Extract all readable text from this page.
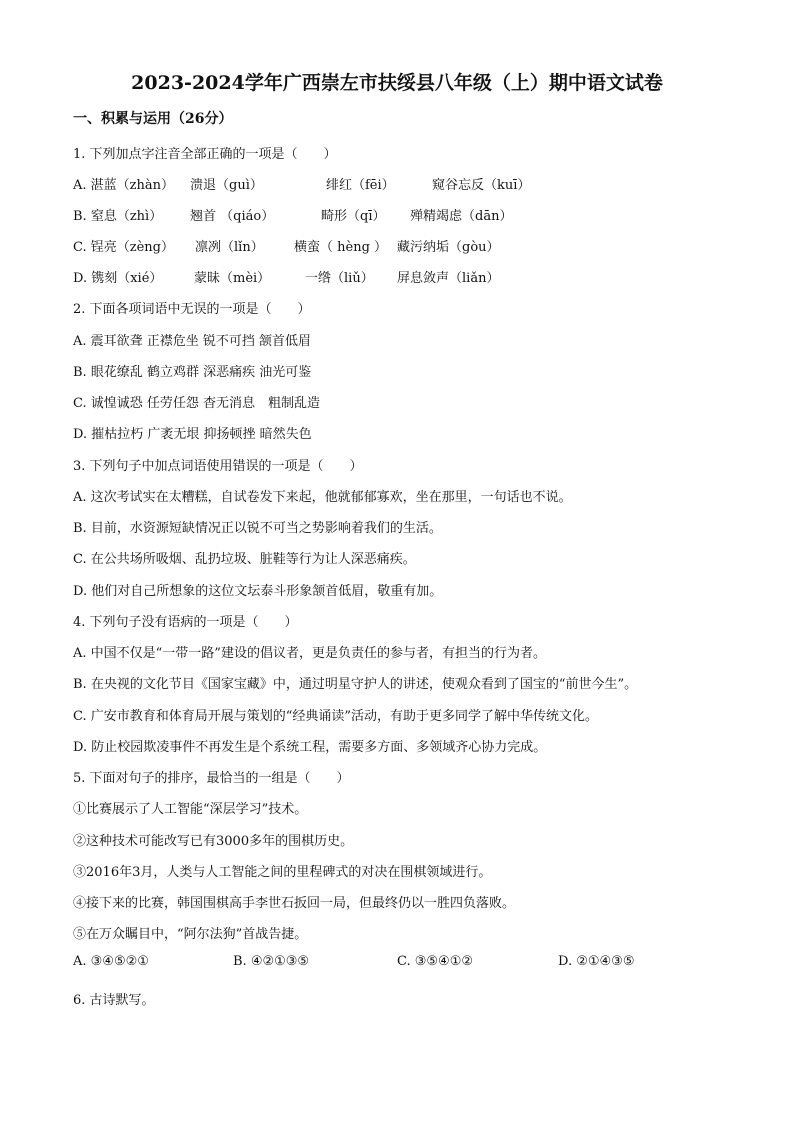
2023-2024学年广西崇左市扶绥县八年级（上）期中语文试卷
一、积累与运用（26分）
1. 下列加点字注音全部正确的一项是（　　）
A. 湛蓝（zhàn） 溃退（guì）	绯红（fēi）	窥谷忘反（kuī）
B. 窒息（zhì） 翘首 （qiáo）	畸形（qī） 殚精竭虑（dān）
C. 锃亮（zèng） 凛冽（lǐn） 横蛮（ hèng ） 藏污纳垢（gòu）
D. 镌刻（xié） 蒙昧（mèi）	一绺（liǔ） 屏息敛声（liǎn）
2. 下面各项词语中无误的一项是（　　）
A. 震耳欲聋 正襟危坐 锐不可挡 颔首低眉
B. 眼花缭乱 鹤立鸡群 深恶痛疾 油光可鉴
C. 诚惶诚恐 任劳任怨 杳无消息　粗制乱造
D. 摧枯拉朽 广袤无垠 抑扬顿挫 暗然失色
3. 下列句子中加点词语使用错误的一项是（　　）
A. 这次考试实在太糟糕，自试卷发下来起，他就郁郁寡欢，坐在那里，一句话也不说。
B. 目前，水资源短缺情况正以锐不可当之势影响着我们的生活。
C. 在公共场所吸烟、乱扔垃圾、脏鞋等行为让人深恶痛疾。
D. 他们对自己所想象的这位文坛泰斗形象颔首低眉，敬重有加。
4. 下列句子没有语病的一项是（　　）
A. 中国不仅是“一带一路”建设的倡议者，更是负责任的参与者，有担当的行为者。
B. 在央视的文化节目《国家宝藏》中，通过明星守护人的讲述，使观众看到了国宝的“前世今生”。
C. 广安市教育和体育局开展与策划的“经典诵读”活动，有助于更多同学了解中华传统文化。
D. 防止校园欺凌事件不再发生是个系统工程，需要多方面、多领域齐心协力完成。
5. 下面对句子的排序，最恰当的一组是（　　）
①比赛展示了人工智能“深层学习”技术。
②这种技术可能改写已有3000多年的围棋历史。
③2016年3月，人类与人工智能之间的里程碑式的对决在围棋领域进行。
④接下来的比赛，韩国围棋高手李世石扳回一局，但最终仍以一胜四负落败。
⑤在万众瞩目中，“阿尔法狗”首战告捷。
A. ③④⑤②①	B. ④②①③⑤	C. ③⑤④①②	D. ②①④③⑤
6. 古诗默写。
